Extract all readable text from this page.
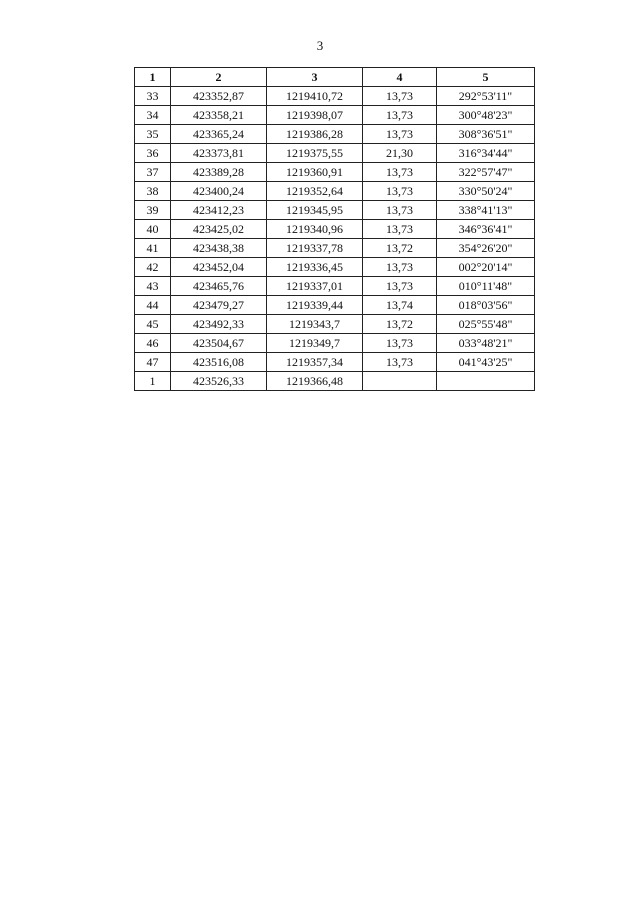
3
1	2	3	4	5
33	423352,87	1219410,72	13,73	292°53'11"
34	423358,21	1219398,07	13,73	300°48'23"
35	423365,24	1219386,28	13,73	308°36'51"
36	423373,81	1219375,55	21,30	316°34'44"
37	423389,28	1219360,91	13,73	322°57'47"
38	423400,24	1219352,64	13,73	330°50'24"
39	423412,23	1219345,95	13,73	338°41'13"
40	423425,02	1219340,96	13,73	346°36'41"
41	423438,38	1219337,78	13,72	354°26'20"
42	423452,04	1219336,45	13,73	002°20'14"
43	423465,76	1219337,01	13,73	010°11'48"
44	423479,27	1219339,44	13,74	018°03'56"
45	423492,33	1219343,7	13,72	025°55'48"
46	423504,67	1219349,7	13,73	033°48'21"
47	423516,08	1219357,34	13,73	041°43'25"
1	423526,33	1219366,48		
